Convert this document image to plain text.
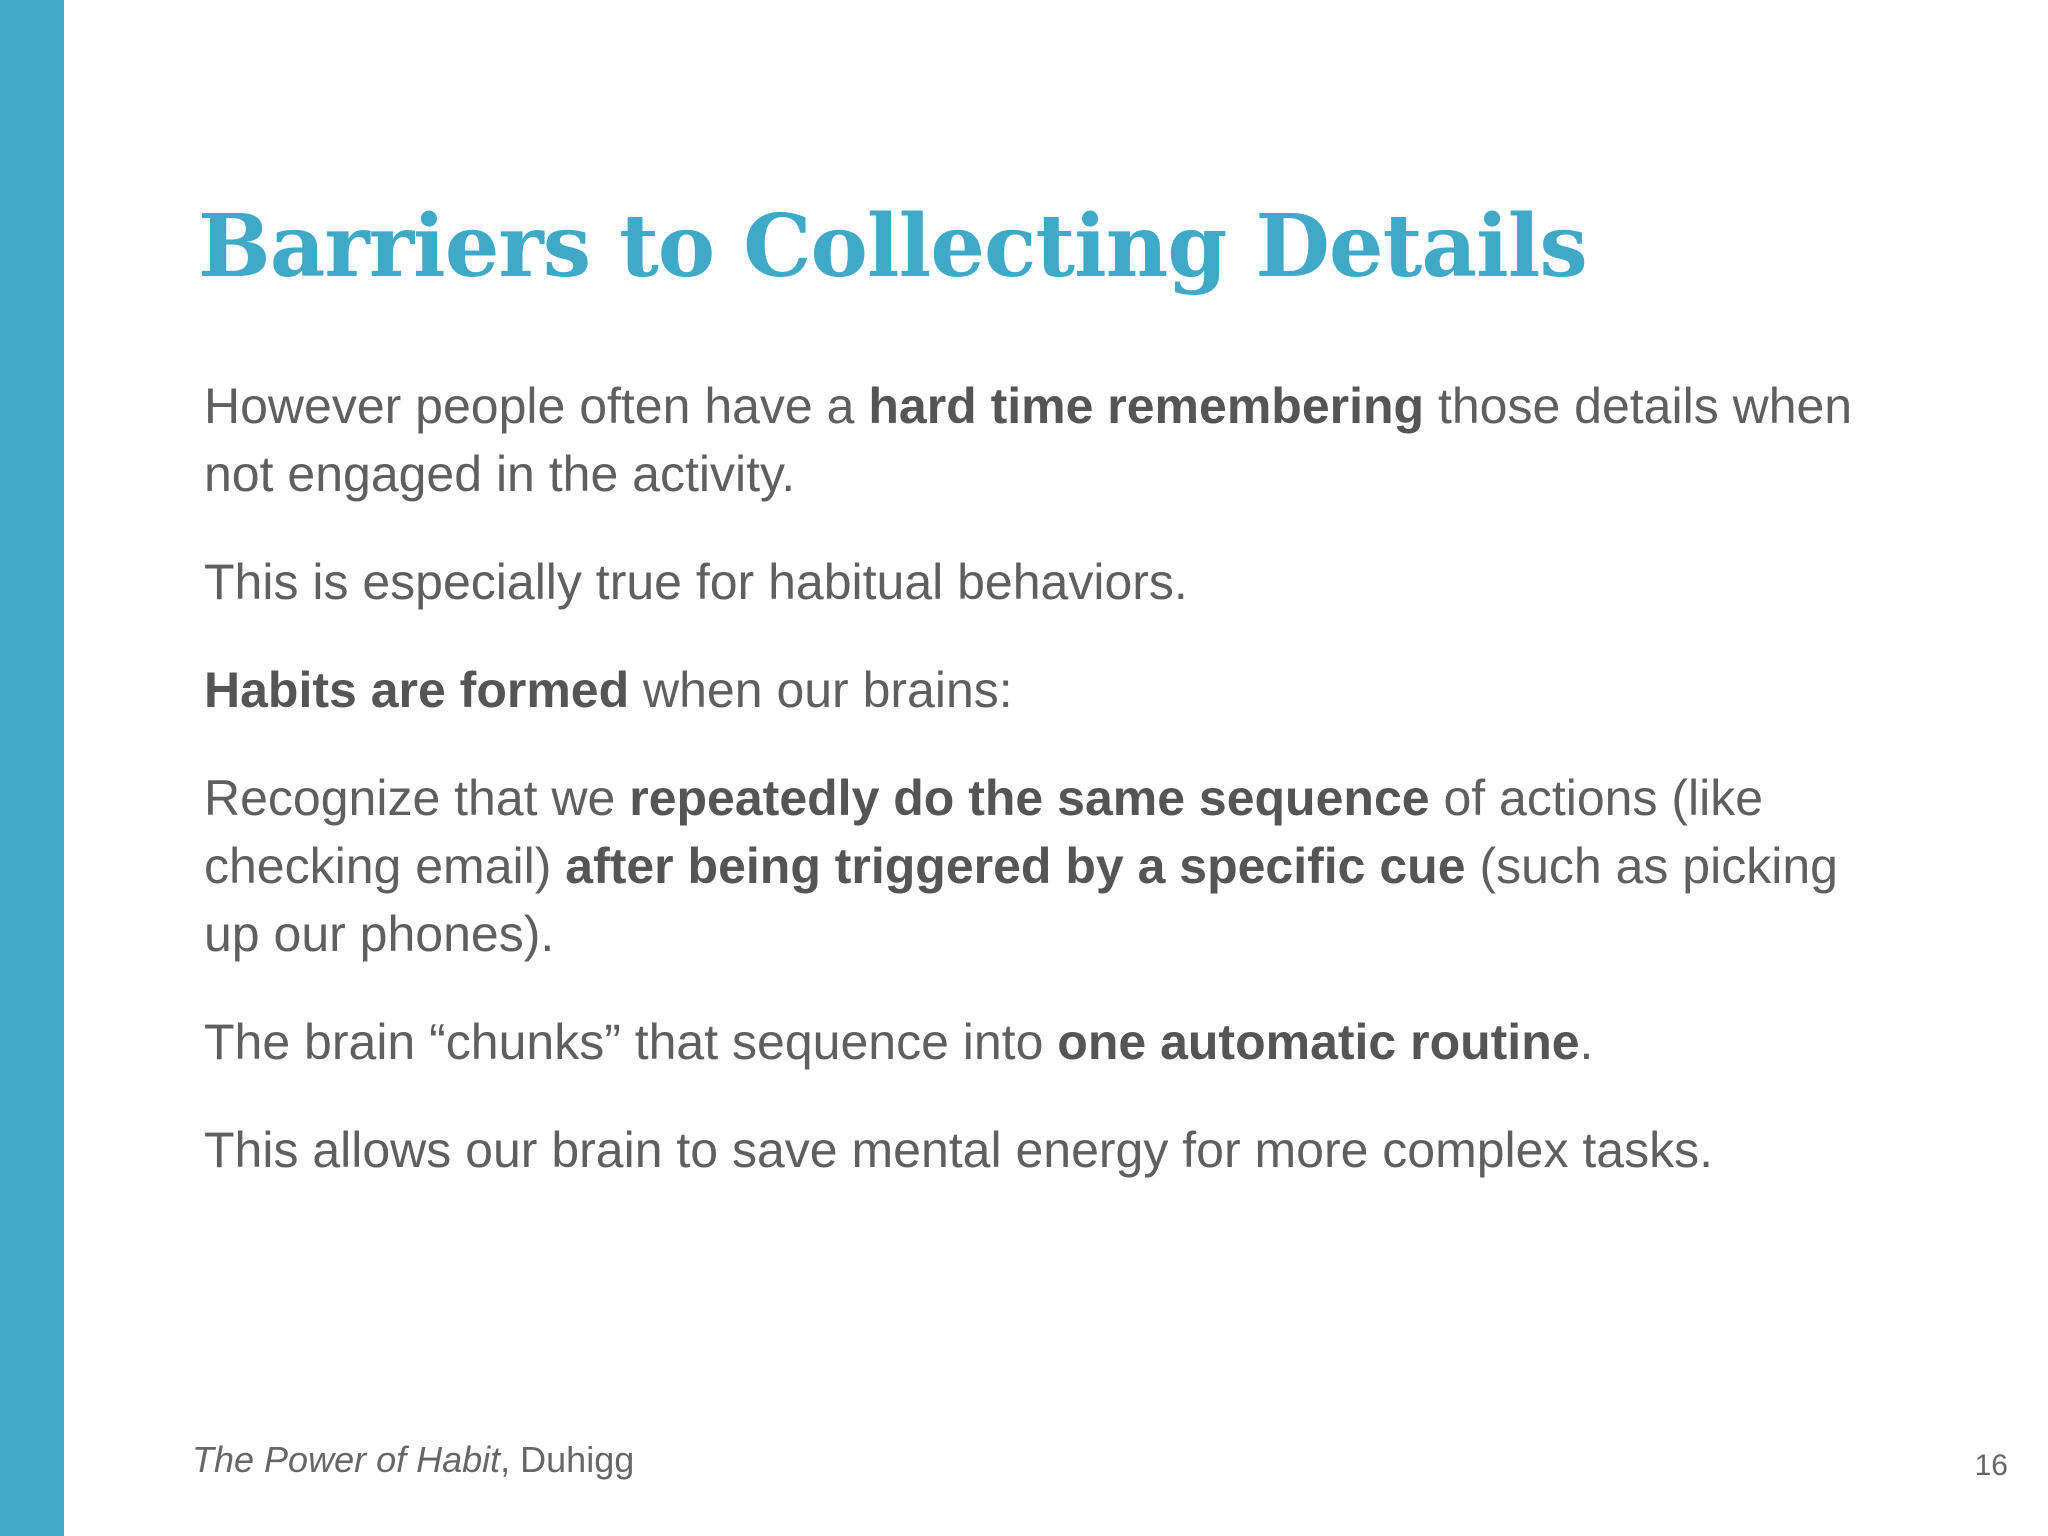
Barriers to Collecting Details

However people often have a hard time remembering those details when not engaged in the activity.

This is especially true for habitual behaviors.

Habits are formed when our brains:

Recognize that we repeatedly do the same sequence of actions (like checking email) after being triggered by a specific cue (such as picking up our phones).

The brain “chunks” that sequence into one automatic routine.

This allows our brain to save mental energy for more complex tasks.

The Power of Habit, Duhigg	16
